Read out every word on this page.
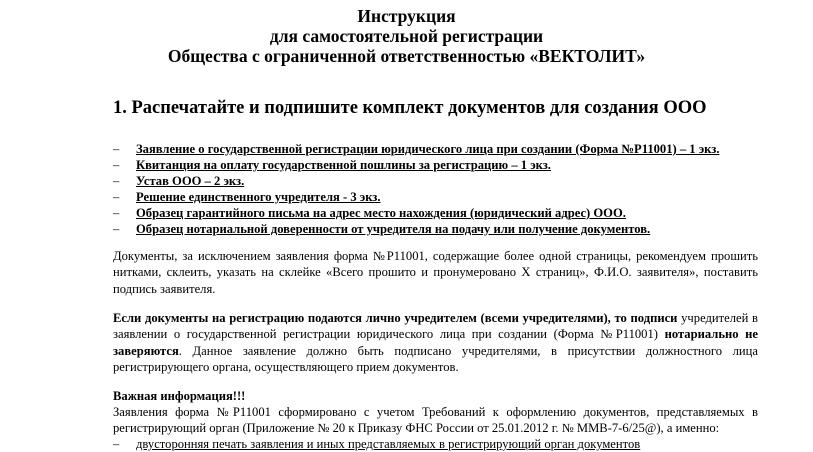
Инструкция
для самостоятельной регистрации
Общества с ограниченной ответственностью «ВЕКТОЛИТ»
1. Распечатайте и подпишите комплект документов для создания ООО
– Заявление о государственной регистрации юридического лица при создании (Форма №Р11001) – 1 экз.
– Квитанция на оплату государственной пошлины за регистрацию – 1 экз.
– Устав ООО – 2 экз.
– Решение единственного учредителя - 3 экз.
– Образец гарантийного письма на адрес место нахождения (юридический адрес) ООО.
– Образец нотариальной доверенности от учредителя на подачу или получение документов.

Документы, за исключением заявления форма №Р11001, содержащие более одной страницы, рекомендуем прошить нитками, склеить, указать на склейке «Всего прошито и пронумеровано Х страниц», Ф.И.О. заявителя», поставить подпись заявителя.

Если документы на регистрацию подаются лично учредителем (всеми учредителями), то подписи учредителей в заявлении о государственной регистрации юридического лица при создании (Форма №Р11001) нотариально не заверяются. Данное заявление должно быть подписано учредителями, в присутствии должностного лица регистрирующего органа, осуществляющего прием документов.

Важная информация!!!

Заявления форма №Р11001 сформировано с учетом Требований к оформлению документов, представляемых в регистрирующий орган (Приложение № 20 к Приказу ФНС России от 25.01.2012 г. № ММВ-7-6/25@), а именно:

– двусторонняя печать заявления и иных представляемых в регистрирующий орган документов
